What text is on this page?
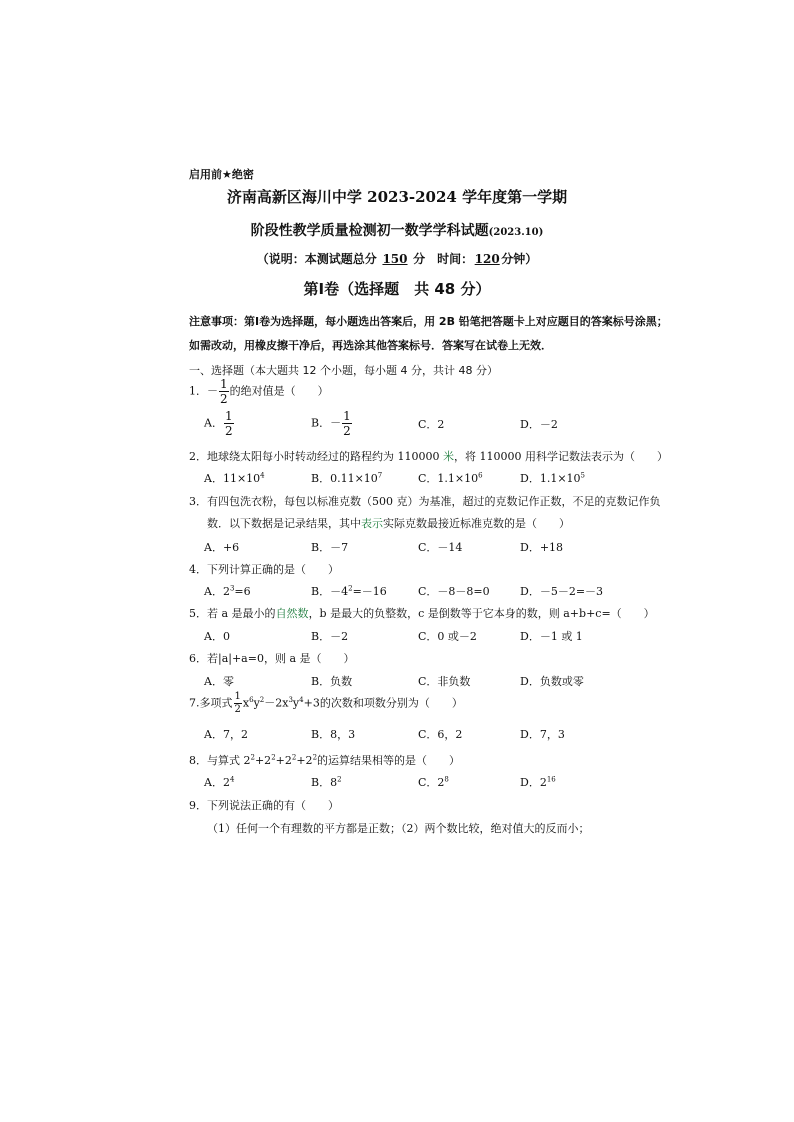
启用前★绝密
济南高新区海川中学 2023-2024 学年度第一学期
阶段性教学质量检测初一数学学科试题(2023.10)
（说明：本测试题总分 150 分　时间：120分钟）
第Ⅰ卷（选择题　共 48 分）
注意事项：第Ⅰ卷为选择题，每小题选出答案后，用 2B 铅笔把答题卡上对应题目的答案标号涂黑；
如需改动，用橡皮擦干净后，再选涂其他答案标号．答案写在试卷上无效．
一、选择题（本大题共 12 个小题，每小题 4 分，共计 48 分）
1．－ $\frac{1}{2}$ 的绝对值是（　　）
A． $\frac{1}{2}$	B．－ $\frac{1}{2}$	C．2	D．－2
2．地球绕太阳每小时转动经过的路程约为 110000 米，将 110000 用科学记数法表示为（　　）
A．$11\times 10^4$	B．$0.11\times 10^7$	C．$1.1\times 10^6$	D．$1.1\times 10^5$
3．有四包洗衣粉，每包以标准克数（500 克）为基准，超过的克数记作正数，不足的克数记作负
数．以下数据是记录结果，其中表示实际克数最接近标准克数的是（　　）
A．+6	B．－7	C．－14	D．+18
4．下列计算正确的是（　　）
A．$2^3=6$	B．$-4^2=-16$	C．－8－8=0	D．－5－2=－3
5．若 a 是最小的自然数，b 是最大的负整数，c 是倒数等于它本身的数，则 a+b+c=（　　）
A．0	B．－2	C．0 或－2	D．－1 或 1
6．若|a|+a=0，则 a 是（　　）
A．零	B．负数	C．非负数	D．负数或零
7.多项式 $\frac{1}{2} x^6y^2-2x^3y^4+3$的次数和项数分别为（　　）
A．7，2	B．8，3	C．6，2	D．7，3
8．与算式 $2^2+2^2+2^2+2^2$的运算结果相等的是（　　）
A．$2^4$	B．$8^2$	C．$2^8$	D．$2^{16}$
9．下列说法正确的有（　　）
（1）任何一个有理数的平方都是正数；（2）两个数比较，绝对值大的反而小；
